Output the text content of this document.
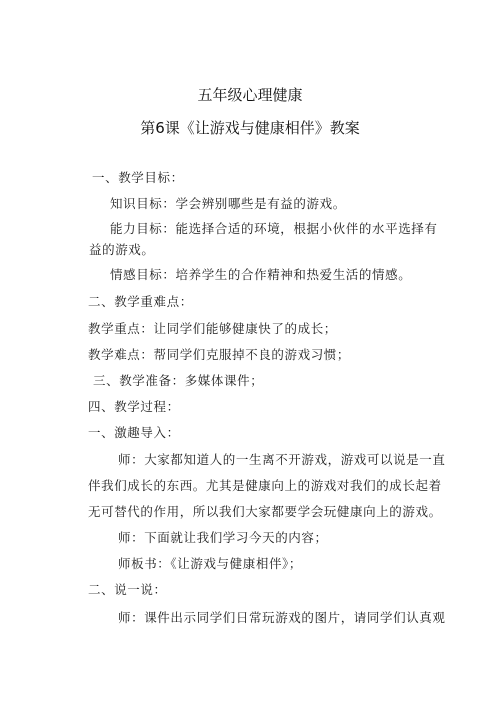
五年级心理健康
第6课《让游戏与健康相伴》教案
一、教学目标：
知识目标：学会辨别哪些是有益的游戏。
能力目标：能选择合适的环境，根据小伙伴的水平选择有
益的游戏。
情感目标：培养学生的合作精神和热爱生活的情感。
二、教学重难点：
教学重点：让同学们能够健康快了的成长；
教学难点：帮同学们克服掉不良的游戏习惯；
三、教学准备：多媒体课件；
四、教学过程：
一、激趣导入：
师：大家都知道人的一生离不开游戏，游戏可以说是一直
伴我们成长的东西。尤其是健康向上的游戏对我们的成长起着
无可替代的作用，所以我们大家都要学会玩健康向上的游戏。
师：下面就让我们学习今天的内容；
师板书：《让游戏与健康相伴》；
二、说一说：
师：课件出示同学们日常玩游戏的图片，请同学们认真观
